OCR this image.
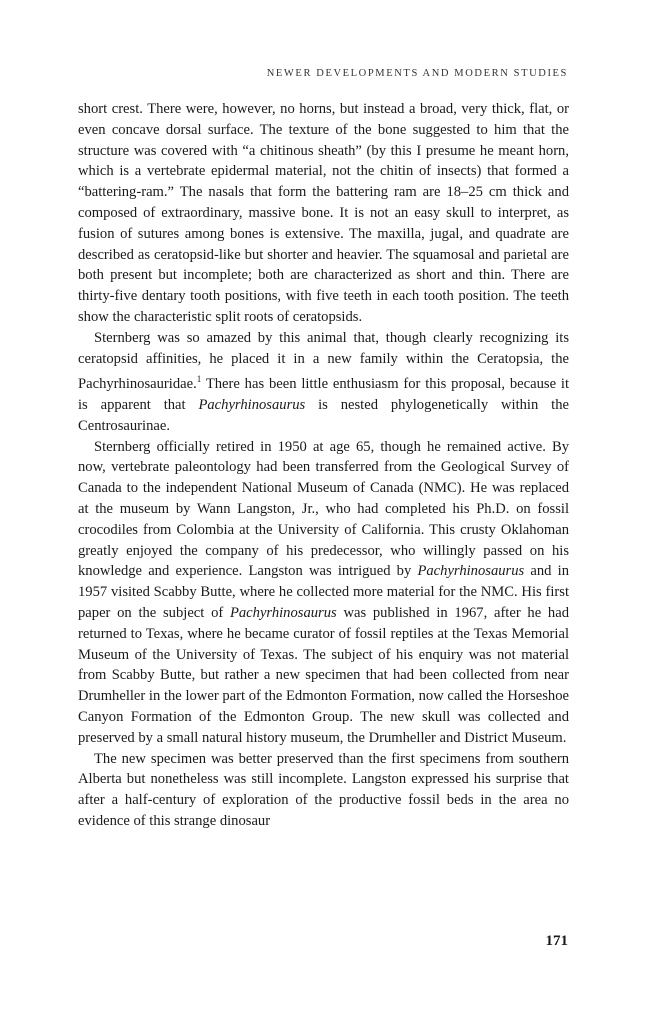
NEWER DEVELOPMENTS AND MODERN STUDIES

short crest. There were, however, no horns, but instead a broad, very thick, flat, or even concave dorsal surface. The texture of the bone suggested to him that the structure was covered with “a chitinous sheath” (by this I presume he meant horn, which is a vertebrate epidermal material, not the chitin of insects) that formed a “battering-ram.” The nasals that form the battering ram are 18–25 cm thick and composed of extraordinary, massive bone. It is not an easy skull to interpret, as fusion of sutures among bones is extensive. The maxilla, jugal, and quadrate are described as ceratopsid-like but shorter and heavier. The squamosal and parietal are both present but incomplete; both are characterized as short and thin. There are thirty-five dentary tooth positions, with five teeth in each tooth position. The teeth show the characteristic split roots of ceratopsids.

Sternberg was so amazed by this animal that, though clearly recognizing its ceratopsid affinities, he placed it in a new family within the Ceratopsia, the Pachyrhinosauridae.$^1$ There has been little enthusiasm for this proposal, because it is apparent that Pachyrhinosaurus is nested phylogenetically within the Centrosaurinae.

Sternberg officially retired in 1950 at age 65, though he remained active. By now, vertebrate paleontology had been transferred from the Geological Survey of Canada to the independent National Museum of Canada (NMC). He was replaced at the museum by Wann Langston, Jr., who had completed his Ph.D. on fossil crocodiles from Colombia at the University of California. This crusty Oklahoman greatly enjoyed the company of his predecessor, who willingly passed on his knowledge and experience. Langston was intrigued by Pachyrhinosaurus and in 1957 visited Scabby Butte, where he collected more material for the NMC. His first paper on the subject of Pachyrhinosaurus was published in 1967, after he had returned to Texas, where he became curator of fossil reptiles at the Texas Memorial Museum of the University of Texas. The subject of his enquiry was not material from Scabby Butte, but rather a new specimen that had been collected from near Drumheller in the lower part of the Edmonton Formation, now called the Horseshoe Canyon Formation of the Edmonton Group. The new skull was collected and preserved by a small natural history museum, the Drumheller and District Museum.

The new specimen was better preserved than the first specimens from southern Alberta but nonetheless was still incomplete. Langston expressed his surprise that after a half-century of exploration of the productive fossil beds in the area no evidence of this strange dinosaur

171
